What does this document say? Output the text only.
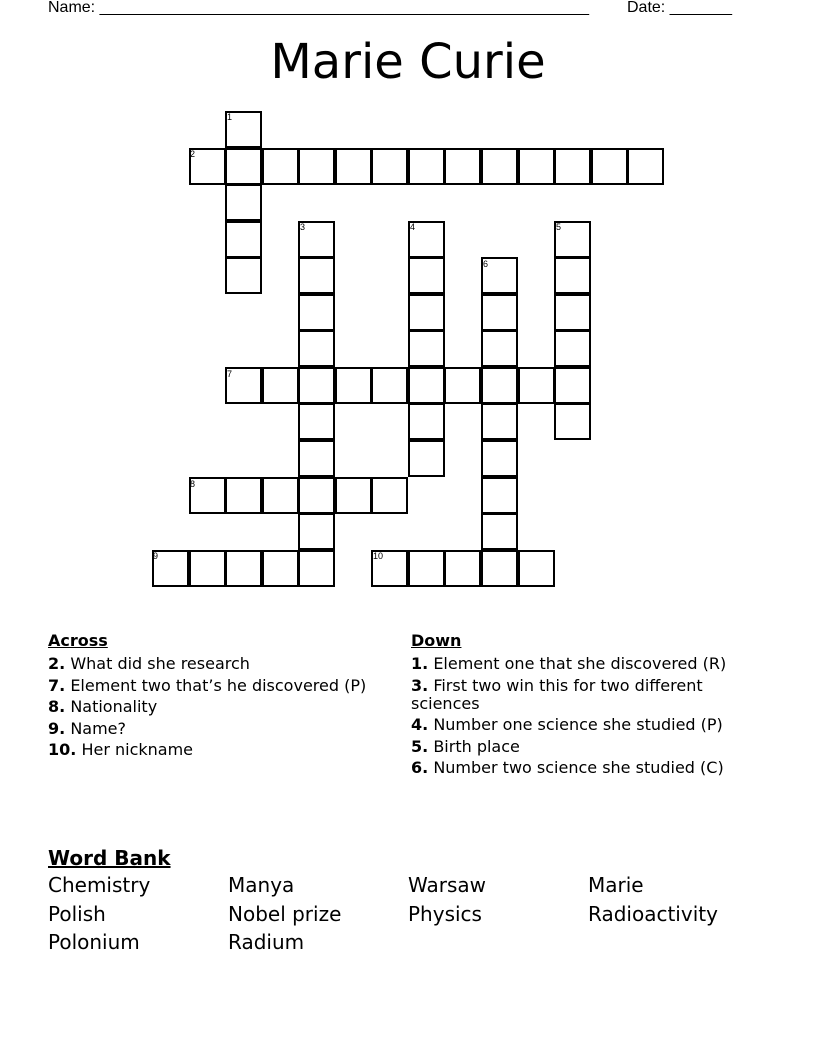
Name: _______________________________________________________ Date: _______
Marie Curie
1
2
3	4	5
6
7
8
9	10
Across
2. What did she research
7. Element two that’s he discovered (P)
8. Nationality
9. Name?
10. Her nickname
Down
1. Element one that she discovered (R)
3. First two win this for two different sciences
4. Number one science she studied (P)
5. Birth place
6. Number two science she studied (C)
Word Bank
Chemistry	Manya	Warsaw	Marie
Polish	Nobel prize	Physics	Radioactivity
Polonium	Radium
